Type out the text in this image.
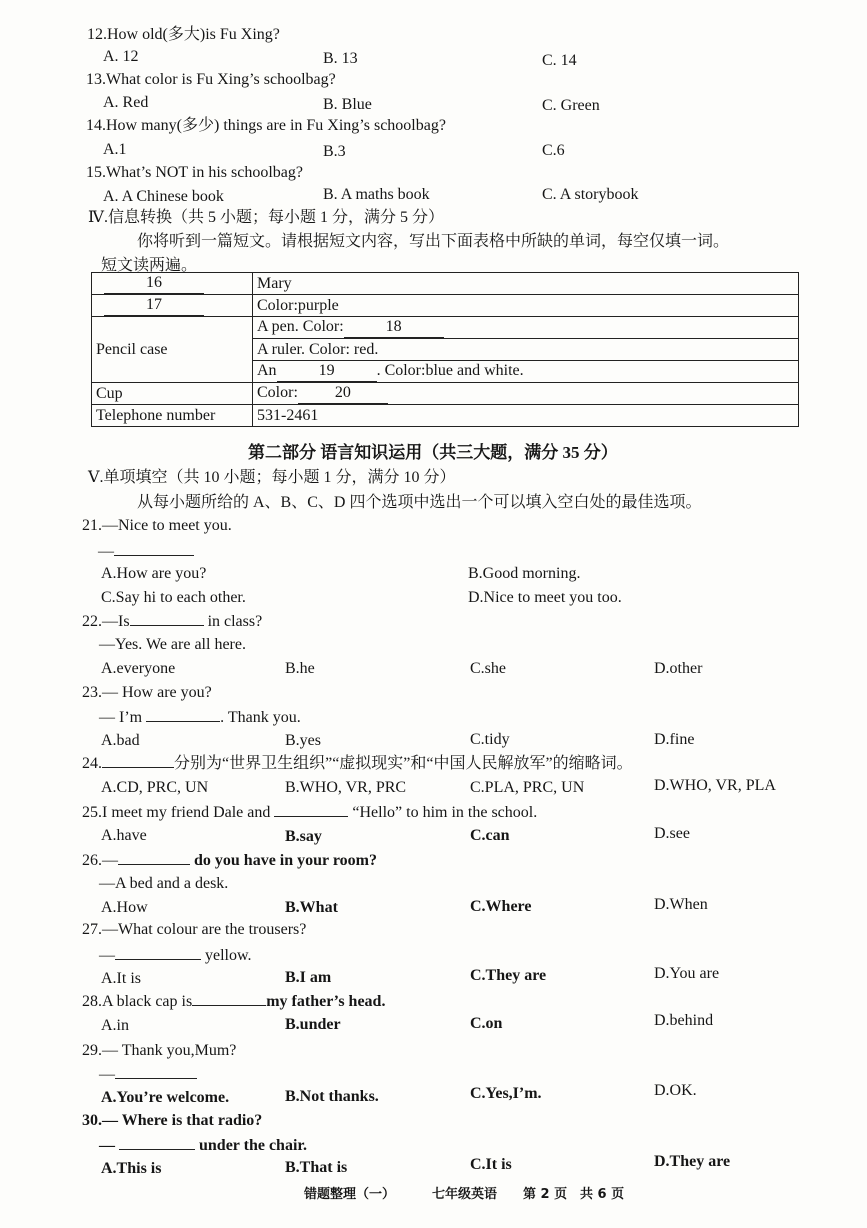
12.How old(多大)is Fu Xing?
A. 12	B. 13	C. 14
13.What color is Fu Xing’s schoolbag?
A. Red	B. Blue	C. Green
14.How many(多少) things are in Fu Xing’s schoolbag?
A.1	B.3	C.6
15.What’s NOT in his schoolbag?
A. A Chinese book	B. A maths book	C. A storybook
Ⅳ.信息转换（共 5 小题；每小题 1 分，满分 5 分）
你将听到一篇短文。请根据短文内容，写出下面表格中所缺的单词，每空仅填一词。
短文读两遍。
16	Mary
17	Color:purple
Pencil case	A pen. Color: 18
	A ruler. Color: red.
	An 19 . Color:blue and white.
Cup	Color: 20
Telephone number	531-2461
第二部分 语言知识运用（共三大题，满分 35 分）
Ⅴ.单项填空（共 10 小题；每小题 1 分，满分 10 分）
从每小题所给的 A、B、C、D 四个选项中选出一个可以填入空白处的最佳选项。
21.—Nice to meet you.
—
A.How are you?	B.Good morning.
C.Say hi to each other.	D.Nice to meet you too.
22.—Is	in class?
—Yes. We are all here.
A.everyone	B.he	C.she	D.other
23.— How are you?
— I’m	. Thank you.
A.bad	B.yes	C.tidy	D.fine
24.	分别为“世界卫生组织”“虚拟现实”和“中国人民解放军”的缩略词。
A.CD, PRC, UN	B.WHO, VR, PRC	C.PLA, PRC, UN	D.WHO, VR, PLA
25.I meet my friend Dale and	“Hello” to him in the school.
A.have	B.say	C.can	D.see
26.—	do you have in your room?
—A bed and a desk.
A.How	B.What	C.Where	D.When
27.—What colour are the trousers?
—	yellow.
A.It is	B.I am	C.They are	D.You are
28.A black cap is	my father’s head.
A.in	B.under	C.on	D.behind
29.— Thank you,Mum?
—
A.You’re welcome.	B.Not thanks.	C.Yes,I’m.	D.OK.
30.— Where is that radio?
—	under the chair.
A.This is	B.That is	C.It is	D.They are
错题整理（一）	七年级英语 第 2 页 共 6 页
